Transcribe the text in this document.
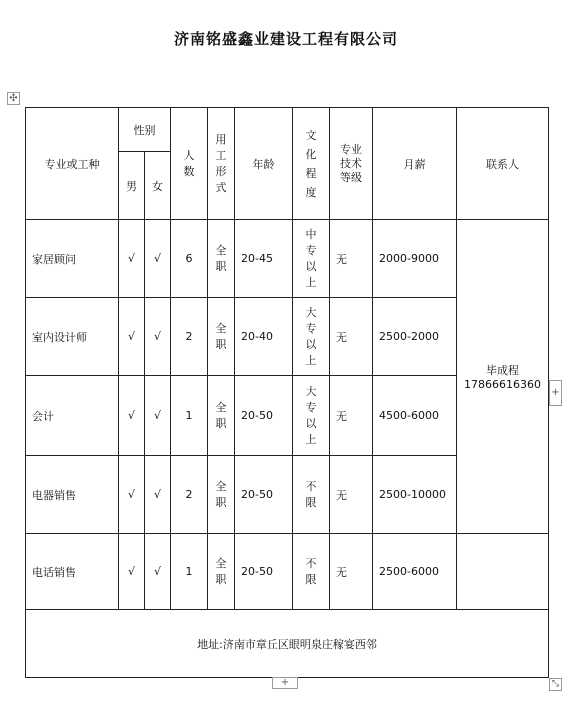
济南铭盛鑫业建设工程有限公司
✣
专业或工种	性别		人数	用工形式	年龄	文化程度	专业技术等级	月薪	联系人
	男	女							
家居顾问	√	√	6	全职	20-45	中专以上	无	2000-9000	毕成程
17866616360

室内设计师	√	√	2	全职	20-40	大专以上	无	2500-2000	
会计	√	√	1	全职	20-50	大专以上	无	4500-6000	
电器销售	√	√	2	全职	20-50	不限	无	2500-10000	
电话销售	√	√	1	全职	20-50	不限	无	2500-6000	
地址:济南市章丘区眼明泉庄稼宴西邻									
+
+	⤡
